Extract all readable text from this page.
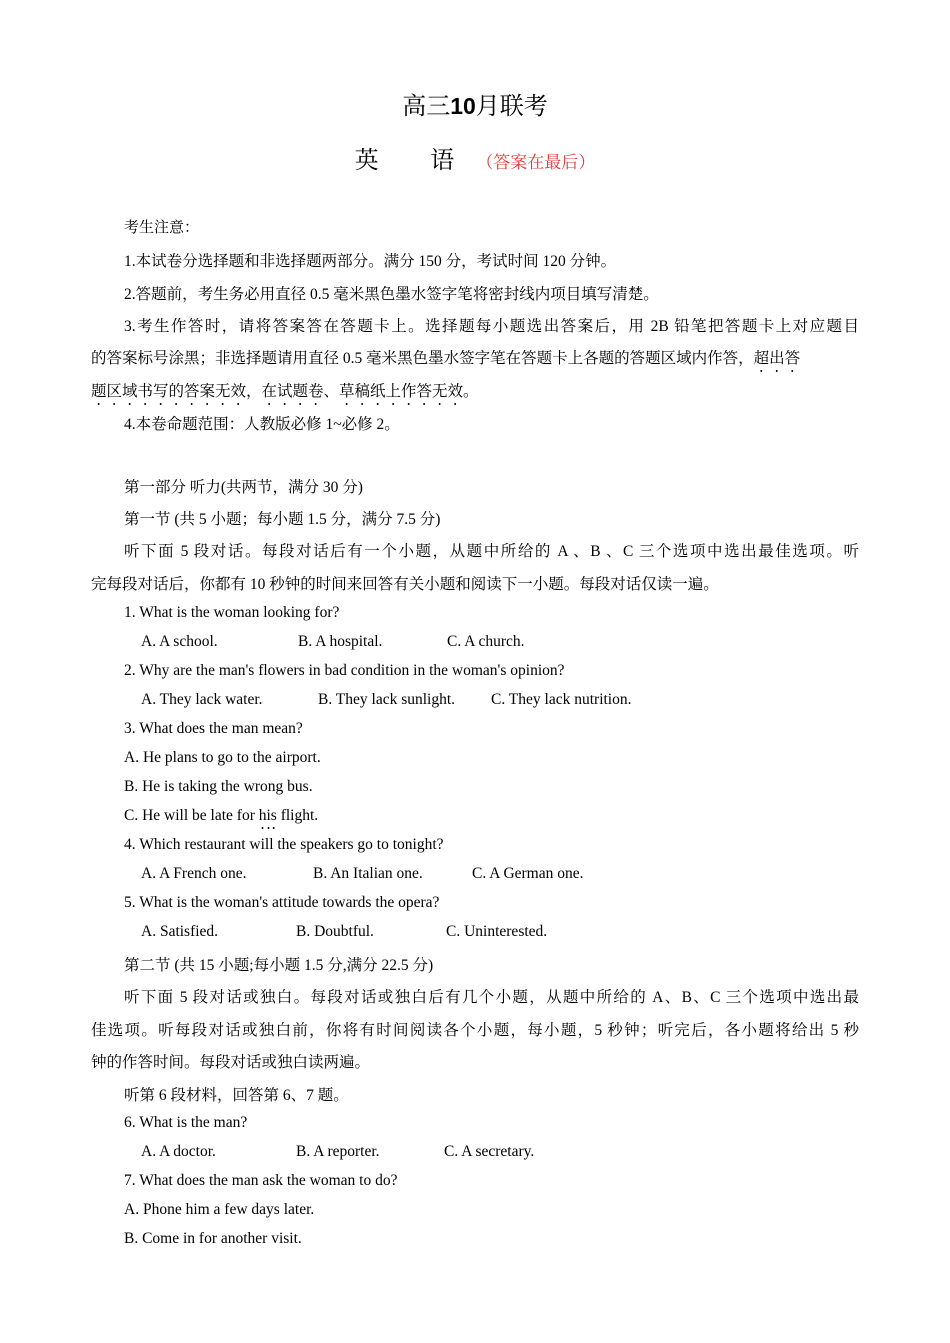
高三10月联考
英 语（答案在最后）
考生注意：
1.本试卷分选择题和非选择题两部分。满分 150 分，考试时间 120 分钟。
2.答题前，考生务必用直径 0.5 毫米黑色墨水签字笔将密封线内项目填写清楚。
3.考生作答时，请将答案答在答题卡上。选择题每小题选出答案后，用 2B 铅笔把答题卡上对应题目
的答案标号涂黑；非选择题请用直径 0.5 毫米黑色墨水签字笔在答题卡上各题的答题区域内作答，超出答
题区域书写的答案无效，在试题卷、草稿纸上作答无效。
4.本卷命题范围：人教版必修 1~必修 2。
第一部分 听力(共两节，满分 30 分)
第一节 (共 5 小题；每小题 1.5 分，满分 7.5 分)
听下面 5 段对话。每段对话后有一个小题，从题中所给的 A 、B 、C 三个选项中选出最佳选项。听
完每段对话后，你都有 10 秒钟的时间来回答有关小题和阅读下一小题。每段对话仅读一遍。
1. What is the woman looking for?
A. A school.	B. A hospital.	C. A church.
2. Why are the man's flowers in bad condition in the woman's opinion?
A. They lack water.	B. They lack sunlight. C. They lack nutrition.
3. What does the man mean?
A. He plans to go to the airport.
B. He is taking the wrong bus.
C. He will be late for his flight.
4. Which restaurant will the speakers go to tonight?
A. A French one.	B. An Italian one.	C. A German one.
5. What is the woman's attitude towards the opera?
A. Satisfied.	B. Doubtful.	C. Uninterested.
第二节 (共 15 小题;每小题 1.5 分,满分 22.5 分)
听下面 5 段对话或独白。每段对话或独白后有几个小题，从题中所给的 A、B、C 三个选项中选出最
佳选项。听每段对话或独白前，你将有时间阅读各个小题，每小题，5 秒钟；听完后，各小题将给出 5 秒
钟的作答时间。每段对话或独白读两遍。
听第 6 段材料，回答第 6、7 题。
6. What is the man?
A. A doctor.	B. A reporter.	C. A secretary.
7. What does the man ask the woman to do?
A. Phone him a few days later.
B. Come in for another visit.
